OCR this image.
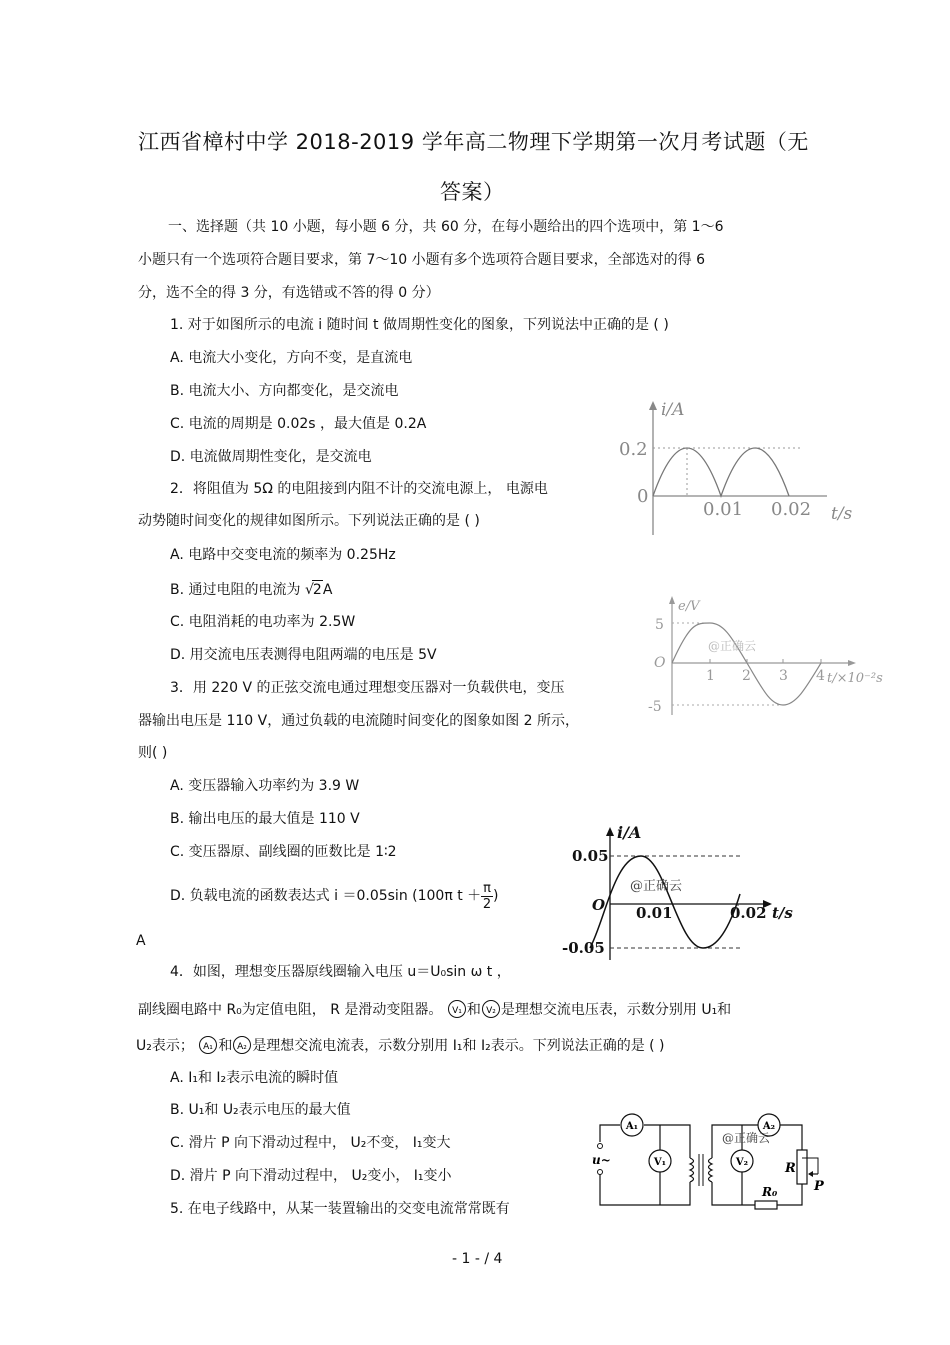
江西省樟村中学 2018-2019 学年高二物理下学期第一次月考试题（无
答案）
一、选择题（共 10 小题，每小题 6 分，共 60 分，在每小题给出的四个选项中，第 1～6
小题只有一个选项符合题目要求，第 7～10 小题有多个选项符合题目要求，全部选对的得 6
分，选不全的得 3 分，有选错或不答的得 0 分）
1. 对于如图所示的电流 i 随时间 t 做周期性变化的图象，下列说法中正确的是 ( )
A. 电流大小变化，方向不变，是直流电
B. 电流大小、方向都变化，是交流电
C. 电流的周期是 0.02s ，最大值是 0.2A
D. 电流做周期性变化，是交流电
2．将阻值为 5Ω 的电阻接到内阻不计的交流电源上， 电源电
动势随时间变化的规律如图所示。下列说法正确的是 ( )
A. 电路中交变电流的频率为 0.25Hz
B. 通过电阻的电流为 √2A
C. 电阻消耗的电功率为 2.5W
D. 用交流电压表测得电阻两端的电压是 5V
3．用 220 V 的正弦交流电通过理想变压器对一负载供电，变压
器输出电压是 110 V，通过负载的电流随时间变化的图象如图 2 所示，
则( )
A. 变压器输入功率约为 3.9 W
B. 输出电压的最大值是 110 V
C. 变压器原、副线圈的匝数比是 1∶2
D. 负载电流的函数表达式 i ＝0.05sin (100π $t + \frac{\pi}{2}$ )
A
4．如图，理想变压器原线圈输入电压 u＝U₀sin ω t ，
副线圈电路中 R₀为定值电阻， R 是滑动变阻器。 V₁ 和 V₂ 是理想交流电压表，示数分别用 U₁和
U₂表示； A₁ 和 A₂ 是理想交流电流表，示数分别用 I₁和 I₂表示。下列说法正确的是 ( )
A. I₁和 I₂表示电流的瞬时值
B. U₁和 U₂表示电压的最大值
C. 滑片 P 向下滑动过程中， U₂不变， I₁变大
D. 滑片 P 向下滑动过程中， U₂变小， I₁变小
5. 在电子线路中，从某一装置输出的交变电流常常既有
- 1 - / 4
i/A
0.2
0
0.01 0.02 t/s
e/V
5
O
-5
1 2 3 4 t/×10⁻²s
@正确云
i/A
0.05
O
-0.05
0.01	0.02 t/s
@正确云
u~
A₁
V₁
A₂
V₂	R
P
R₀
@正确云
